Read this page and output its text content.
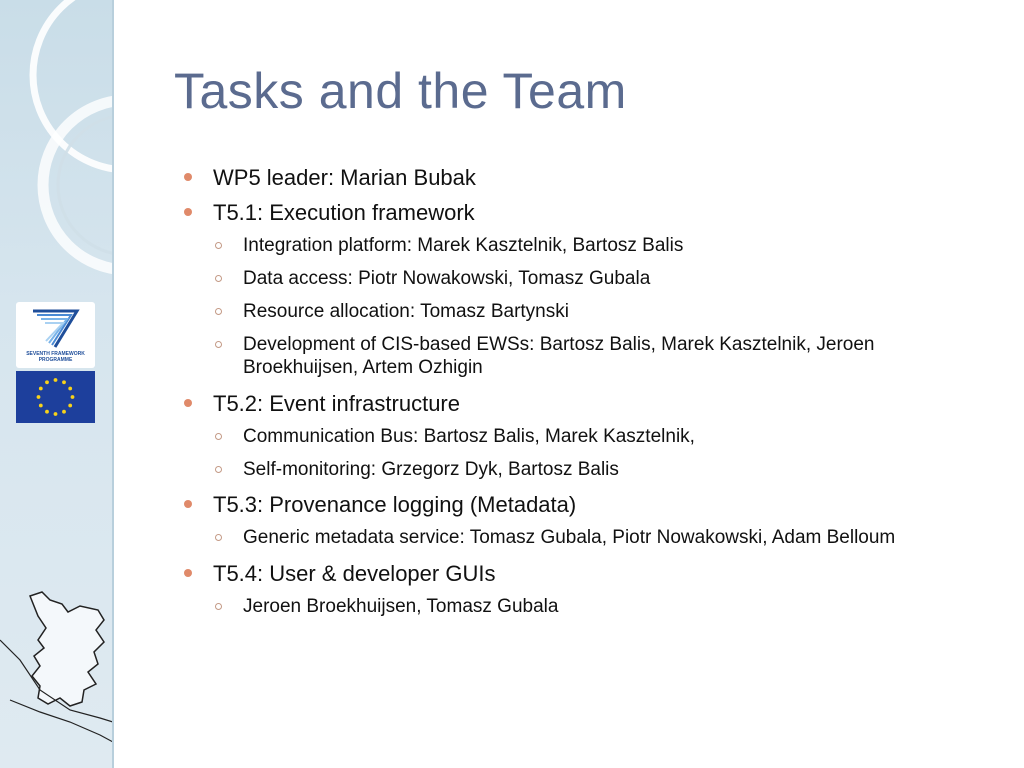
SEVENTH FRAMEWORK
PROGRAMME
Tasks and the Team
WP5 leader: Marian Bubak
T5.1: Execution framework
Integration platform: Marek Kasztelnik, Bartosz Balis
Data access: Piotr Nowakowski, Tomasz Gubala
Resource allocation: Tomasz Bartynski
Development of CIS-based EWSs: Bartosz Balis, Marek Kasztelnik, Jeroen Broekhuijsen, Artem Ozhigin
T5.2: Event infrastructure
Communication Bus: Bartosz Balis, Marek Kasztelnik,
Self-monitoring: Grzegorz Dyk, Bartosz Balis
T5.3: Provenance logging (Metadata)
Generic metadata service: Tomasz Gubala, Piotr Nowakowski, Adam Belloum
T5.4: User & developer GUIs
Jeroen Broekhuijsen, Tomasz Gubala
